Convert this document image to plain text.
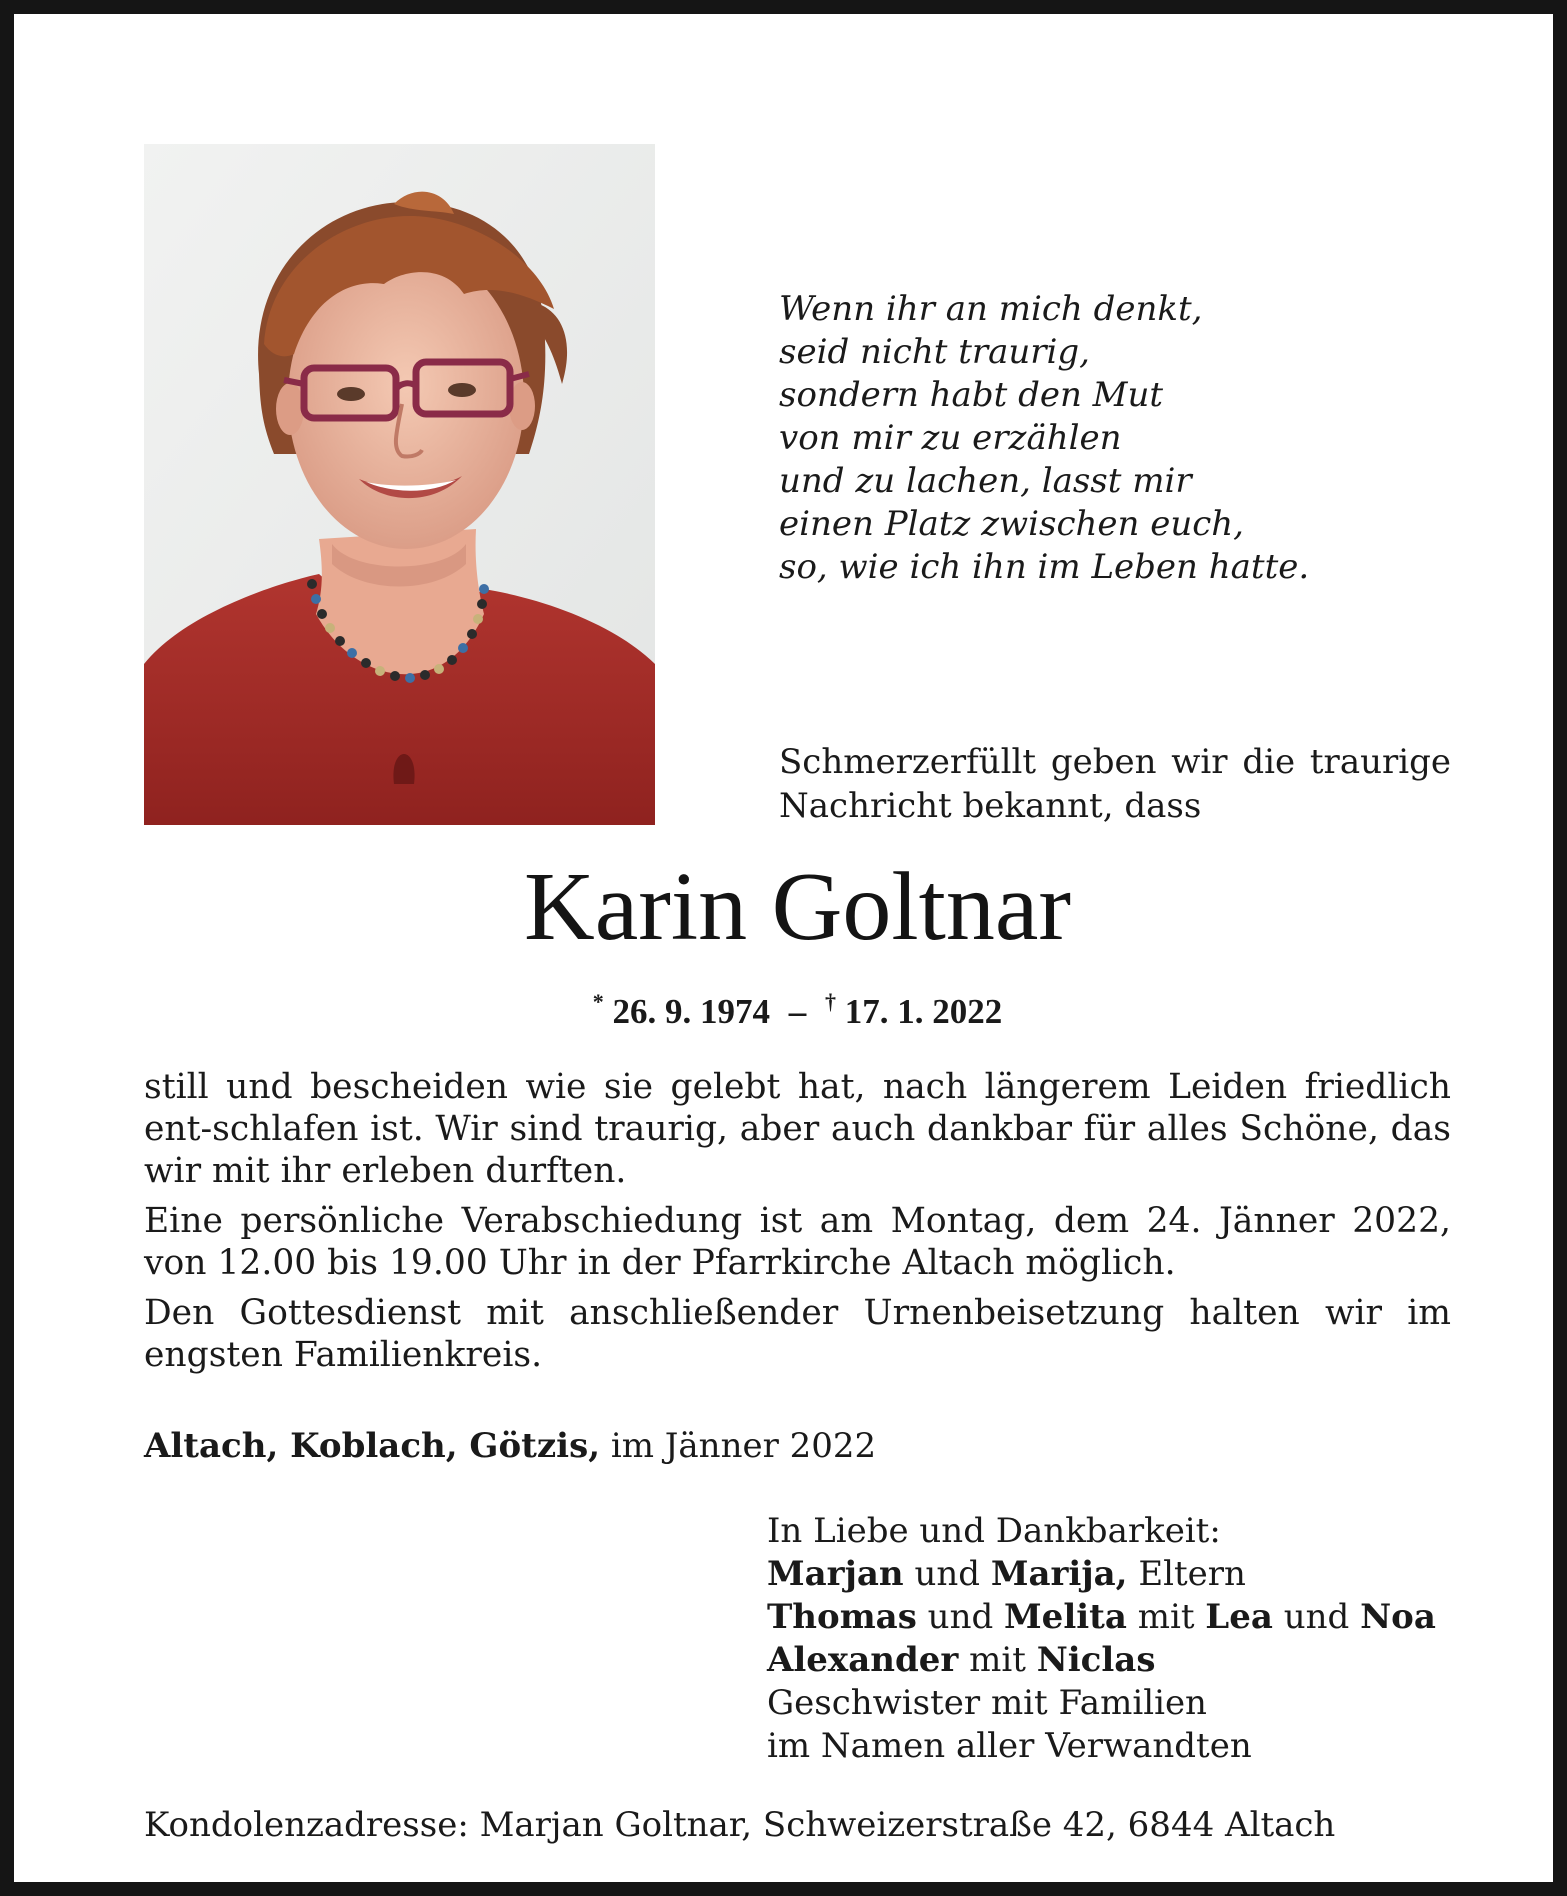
Wenn ihr an mich denkt,
seid nicht traurig,
sondern habt den Mut
von mir zu erzählen
und zu lachen, lasst mir
einen Platz zwischen euch,
so, wie ich ihn im Leben hatte.
Schmerzerfüllt geben wir die traurige Nachricht bekannt, dass
Karin Goltnar
* 26. 9. 1974 – † 17. 1. 2022

still und bescheiden wie sie gelebt hat, nach längerem Leiden friedlich ent-schlafen ist. Wir sind traurig, aber auch dankbar für alles Schöne, das wir mit ihr erleben durften.

Eine persönliche Verabschiedung ist am Montag, dem 24. Jänner 2022, von 12.00 bis 19.00 Uhr in der Pfarrkirche Altach möglich.

Den Gottesdienst mit anschließender Urnenbeisetzung halten wir im engsten Familienkreis.

Altach, Koblach, Götzis, im Jänner 2022
In Liebe und Dankbarkeit:
Marjan und Marija, Eltern
Thomas und Melita mit Lea und Noa
Alexander mit Niclas
Geschwister mit Familien
im Namen aller Verwandten
Kondolenzadresse: Marjan Goltnar, Schweizerstraße 42, 6844 Altach
